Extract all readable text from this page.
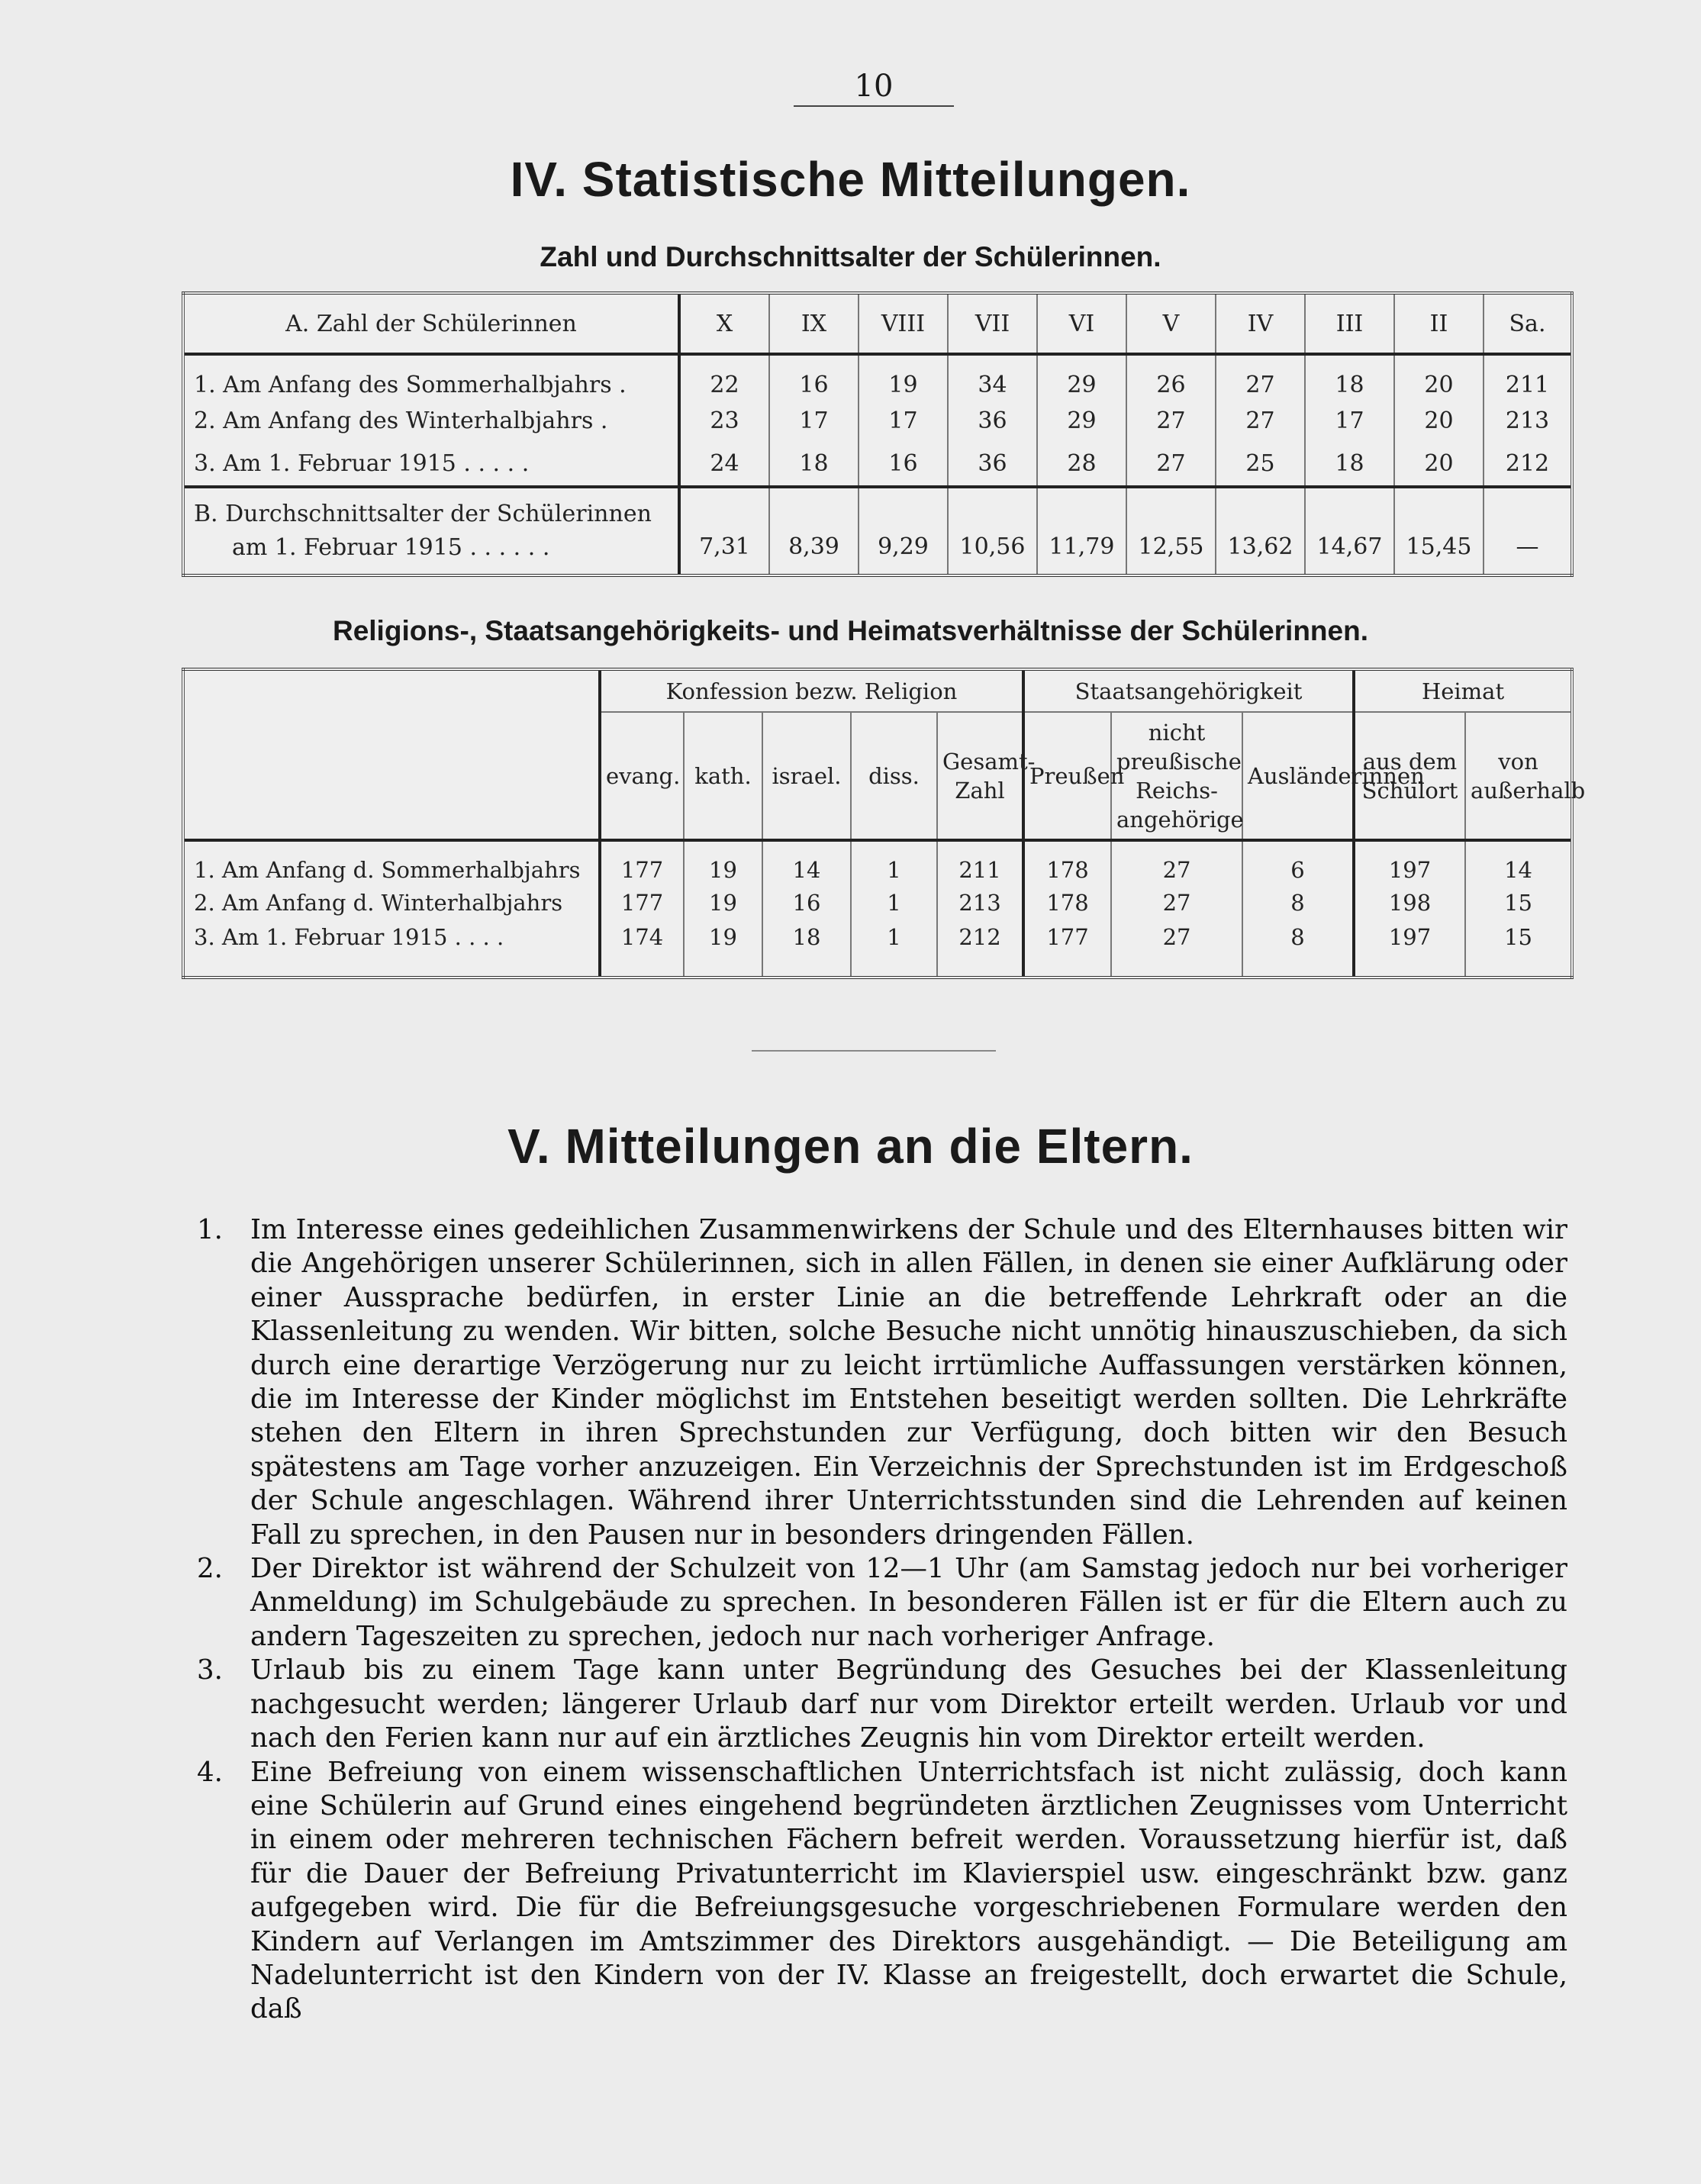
10
IV. Statistische Mitteilungen.
Zahl und Durchschnittsalter der Schülerinnen.
A. Zahl der Schülerinnen	X	IX	VIII	VII	VI	V	IV	III	II	Sa.
1. Am Anfang des Sommerhalbjahrs .	22	16	19	34	29	26	27	18	20	211
2. Am Anfang des Winterhalbjahrs .	23	17	17	36	29	27	27	17	20	213
3. Am 1. Februar 1915 . . . . .	24	18	16	36	28	27	25	18	20	212

B. Durchschnittsalter der Schülerinnen
am 1. Februar 1915 . . . . . .	7,31	8,39	9,29	10,56	11,79	12,55	13,62	14,67	15,45	—
Religions-, Staatsangehörigkeits- und Heimatsverhältnisse der Schülerinnen.
	Konfession bezw. Religion					Staatsangehörigkeit			Heimat	
	evang.	kath.	israel.	diss.	Gesamt-Zahl	Preußen	nicht preußische Reichs-angehörige	Ausländerinnen	aus dem Schulort	von außerhalb
1. Am Anfang d. Sommerhalbjahrs	177	19	14	1	211	178	27	6	197	14
2. Am Anfang d. Winterhalbjahrs	177	19	16	1	213	178	27	8	198	15
3. Am 1. Februar 1915 . . . .	174	19	18	1	212	177	27	8	197	15
V. Mitteilungen an die Eltern.
1. Im Interesse eines gedeihlichen Zusammenwirkens der Schule und des Elternhauses bitten wir die Angehörigen unserer Schülerinnen, sich in allen Fällen, in denen sie einer Aufklärung oder einer Aussprache bedürfen, in erster Linie an die betreffende Lehrkraft oder an die Klassenleitung zu wenden. Wir bitten, solche Besuche nicht unnötig hinauszuschieben, da sich durch eine derartige Verzögerung nur zu leicht irrtümliche Auffassungen verstärken können, die im Interesse der Kinder möglichst im Entstehen beseitigt werden sollten. Die Lehrkräfte stehen den Eltern in ihren Sprechstunden zur Verfügung, doch bitten wir den Besuch spätestens am Tage vorher anzuzeigen. Ein Verzeichnis der Sprechstunden ist im Erdgeschoß der Schule angeschlagen. Während ihrer Unterrichtsstunden sind die Lehrenden auf keinen Fall zu sprechen, in den Pausen nur in besonders dringenden Fällen.
2. Der Direktor ist während der Schulzeit von 12—1 Uhr (am Samstag jedoch nur bei vorheriger Anmeldung) im Schulgebäude zu sprechen. In besonderen Fällen ist er für die Eltern auch zu andern Tageszeiten zu sprechen, jedoch nur nach vorheriger Anfrage.
3. Urlaub bis zu einem Tage kann unter Begründung des Gesuches bei der Klassenleitung nachgesucht werden; längerer Urlaub darf nur vom Direktor erteilt werden. Urlaub vor und nach den Ferien kann nur auf ein ärztliches Zeugnis hin vom Direktor erteilt werden.
4. Eine Befreiung von einem wissenschaftlichen Unterrichtsfach ist nicht zulässig, doch kann eine Schülerin auf Grund eines eingehend begründeten ärztlichen Zeugnisses vom Unterricht in einem oder mehreren technischen Fächern befreit werden. Voraussetzung hierfür ist, daß für die Dauer der Befreiung Privatunterricht im Klavierspiel usw. eingeschränkt bzw. ganz aufgegeben wird. Die für die Befreiungsgesuche vorgeschriebenen Formulare werden den Kindern auf Verlangen im Amtszimmer des Direktors ausgehändigt. — Die Beteiligung am Nadelunterricht ist den Kindern von der IV. Klasse an freigestellt, doch erwartet die Schule, daß
